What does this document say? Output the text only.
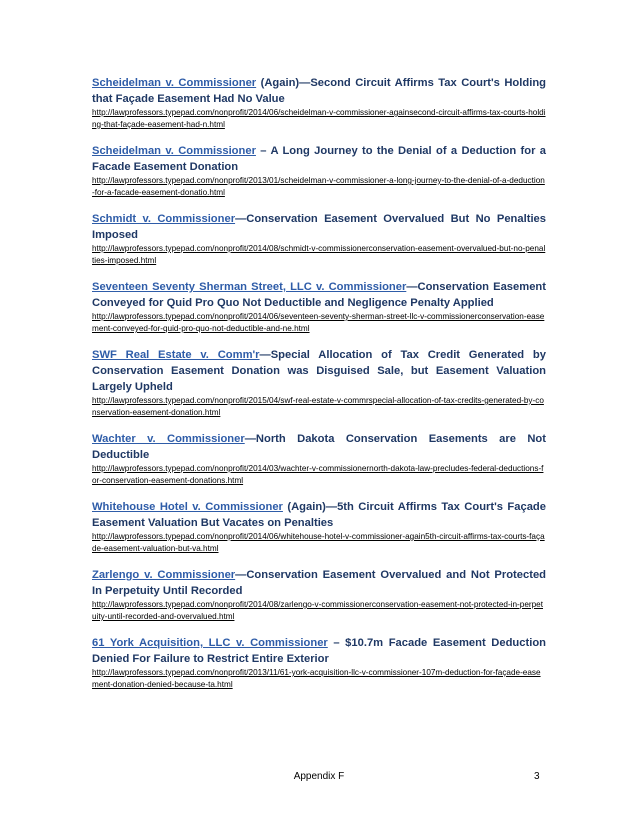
Scheidelman v. Commissioner (Again)—Second Circuit Affirms Tax Court's Holding that Façade Easement Had No Value
http://lawprofessors.typepad.com/nonprofit/2014/06/scheidelman-v-commissioner-againsecond-circuit-affirms-tax-courts-holding-that-façade-easement-had-n.html
Scheidelman v. Commissioner – A Long Journey to the Denial of a Deduction for a Facade Easement Donation
http://lawprofessors.typepad.com/nonprofit/2013/01/scheidelman-v-commissioner-a-long-journey-to-the-denial-of-a-deduction-for-a-facade-easement-donatio.html
Schmidt v. Commissioner—Conservation Easement Overvalued But No Penalties Imposed
http://lawprofessors.typepad.com/nonprofit/2014/08/schmidt-v-commissionerconservation-easement-overvalued-but-no-penalties-imposed.html
Seventeen Seventy Sherman Street, LLC v. Commissioner—Conservation Easement Conveyed for Quid Pro Quo Not Deductible and Negligence Penalty Applied
http://lawprofessors.typepad.com/nonprofit/2014/06/seventeen-seventy-sherman-street-llc-v-commissionerconservation-easement-conveyed-for-quid-pro-quo-not-deductible-and-ne.html
SWF Real Estate v. Comm'r—Special Allocation of Tax Credit Generated by Conservation Easement Donation was Disguised Sale, but Easement Valuation Largely Upheld
http://lawprofessors.typepad.com/nonprofit/2015/04/swf-real-estate-v-commrspecial-allocation-of-tax-credits-generated-by-conservation-easement-donation.html
Wachter v. Commissioner—North Dakota Conservation Easements are Not Deductible
http://lawprofessors.typepad.com/nonprofit/2014/03/wachter-v-commissionernorth-dakota-law-precludes-federal-deductions-for-conservation-easement-donations.html
Whitehouse Hotel v. Commissioner (Again)—5th Circuit Affirms Tax Court's Façade Easement Valuation But Vacates on Penalties
http://lawprofessors.typepad.com/nonprofit/2014/06/whitehouse-hotel-v-commissioner-again5th-circuit-affirms-tax-courts-façade-easement-valuation-but-va.html
Zarlengo v. Commissioner—Conservation Easement Overvalued and Not Protected In Perpetuity Until Recorded
http://lawprofessors.typepad.com/nonprofit/2014/08/zarlengo-v-commissionerconservation-easement-not-protected-in-perpetuity-until-recorded-and-overvalued.html
61 York Acquisition, LLC v. Commissioner – $10.7m Facade Easement Deduction Denied For Failure to Restrict Entire Exterior
http://lawprofessors.typepad.com/nonprofit/2013/11/61-york-acquisition-llc-v-commissioner-107m-deduction-for-façade-easement-donation-denied-because-ta.html
Appendix F	3
